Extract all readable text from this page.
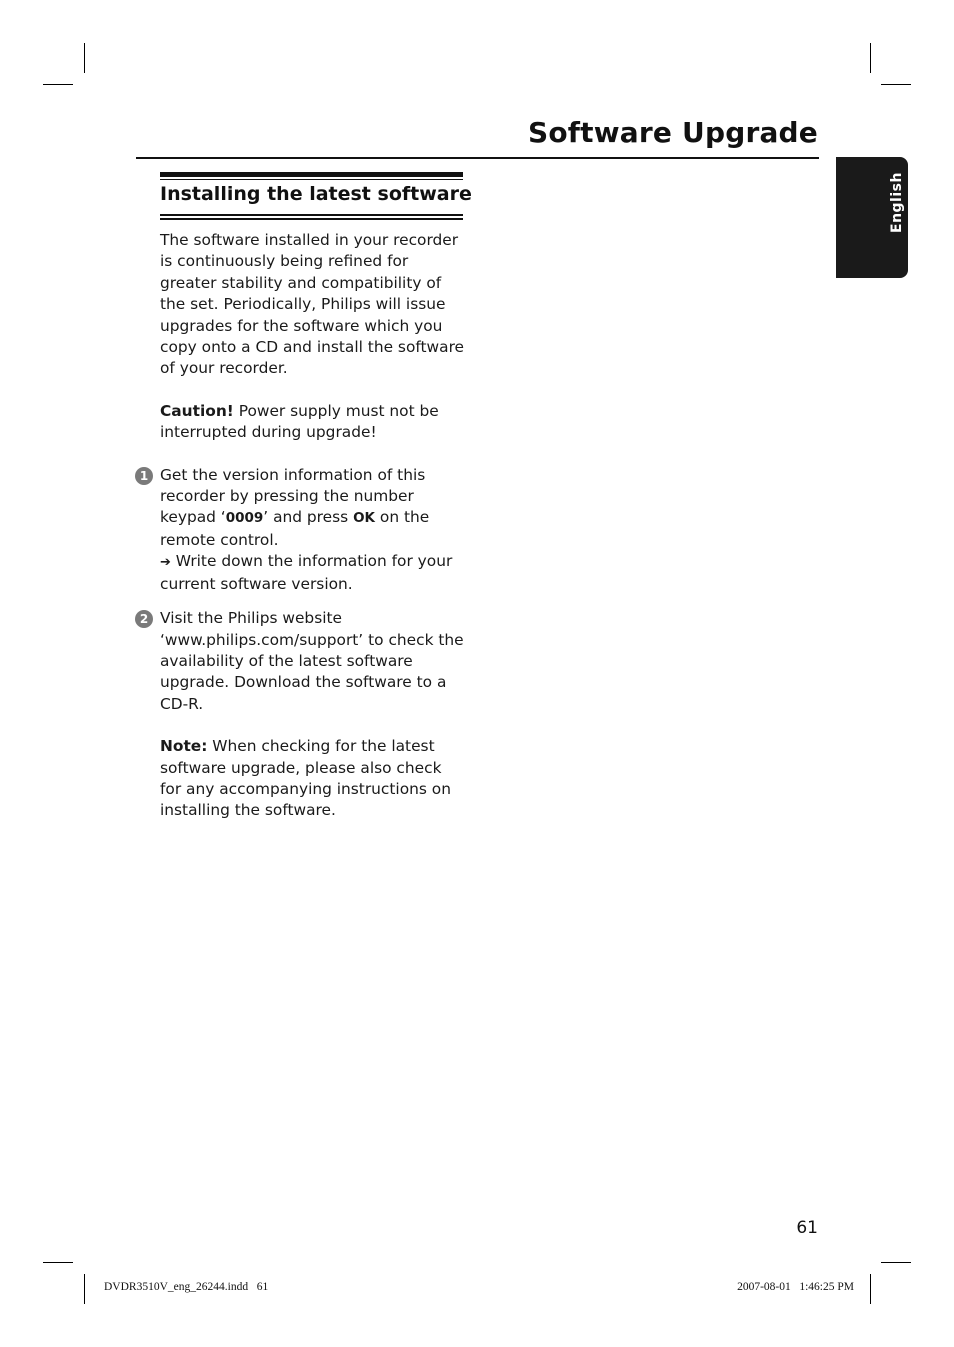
Software Upgrade
English
Installing the latest software

The software installed in your recorder is continuously being refined for greater stability and compatibility of the set. Periodically, Philips will issue upgrades for the software which you copy onto a CD and install the software of your recorder.

Caution! Power supply must not be interrupted during upgrade!

1 Get the version information of this recorder by pressing the number keypad ‘0009’ and press OK on the remote control.

➔ Write down the information for your current software version.

2 Visit the Philips website ‘www.philips.com/support’ to check the availability of the latest software upgrade. Download the software to a CD-R.

Note: When checking for the latest software upgrade, please also check for any accompanying instructions on installing the software.

61
DVDR3510V_eng_26244.indd   61	2007-08-01   1:46:25 PM
